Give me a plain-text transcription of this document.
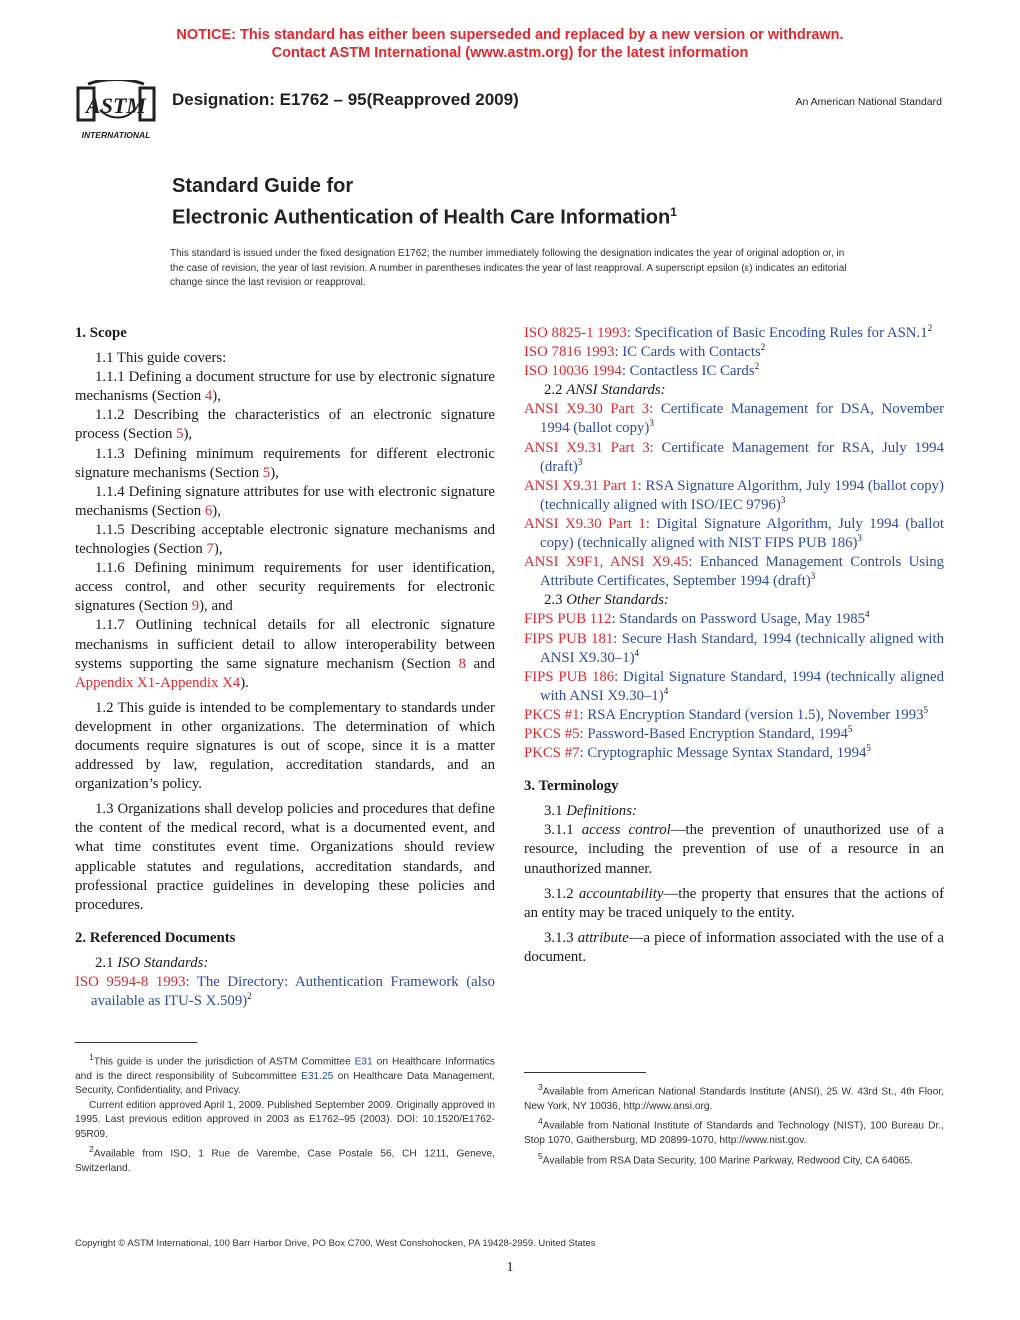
NOTICE: This standard has either been superseded and replaced by a new version or withdrawn.
Contact ASTM International (www.astm.org) for the latest information
ASTM
INTERNATIONAL
Designation: E1762 – 95(Reapproved 2009)	An American National Standard
Standard Guide for
Electronic Authentication of Health Care Information$^1$
This standard is issued under the fixed designation E1762; the number immediately following the designation indicates the year of original adoption or, in the case of revision, the year of last revision. A number in parentheses indicates the year of last reapproval. A superscript epsilon (ε) indicates an editorial change since the last revision or reapproval.

1. Scope

1.1 This guide covers:

1.1.1 Defining a document structure for use by electronic signature mechanisms (Section 4),

1.1.2 Describing the characteristics of an electronic signature process (Section 5),

1.1.3 Defining minimum requirements for different electronic signature mechanisms (Section 5),

1.1.4 Defining signature attributes for use with electronic signature mechanisms (Section 6),

1.1.5 Describing acceptable electronic signature mechanisms and technologies (Section 7),

1.1.6 Defining minimum requirements for user identification, access control, and other security requirements for electronic signatures (Section 9), and

1.1.7 Outlining technical details for all electronic signature mechanisms in sufficient detail to allow interoperability between systems supporting the same signature mechanism (Section 8 and Appendix X1-Appendix X4).

1.2 This guide is intended to be complementary to standards under development in other organizations. The determination of which documents require signatures is out of scope, since it is a matter addressed by law, regulation, accreditation standards, and an organization’s policy.

1.3 Organizations shall develop policies and procedures that define the content of the medical record, what is a documented event, and what time constitutes event time. Organizations should review applicable statutes and regulations, accreditation standards, and professional practice guidelines in developing these policies and procedures.

2. Referenced Documents

2.1 ISO Standards:

ISO 9594-8 1993: The Directory: Authentication Framework (also available as ITU-S X.509)$^2$

$^1$This guide is under the jurisdiction of ASTM Committee E31 on Healthcare Informatics and is the direct responsibility of Subcommittee E31.25 on Healthcare Data Management, Security, Confidentiality, and Privacy.

Current edition approved April 1, 2009. Published September 2009. Originally approved in 1995. Last previous edition approved in 2003 as E1762–95 (2003). DOI: 10.1520/E1762-95R09.

$^2$Available from ISO, 1 Rue de Varembe, Case Postale 56, CH 1211, Geneve, Switzerland.

ISO 8825-1 1993: Specification of Basic Encoding Rules for $ASN.1^2$

ISO 7816 1993: IC Cards with Contacts$^2$

ISO 10036 1994: Contactless IC Cards$^2$

2.2 ANSI Standards:

ANSI X9.30 Part 3: Certificate Management for DSA, November 1994 (ballot copy)$^3$

ANSI X9.31 Part 3: Certificate Management for RSA, July 1994 (draft)$^3$

ANSI X9.31 Part 1: RSA Signature Algorithm, July 1994 (ballot copy) (technically aligned with ISO/IEC 9796)$^3$

ANSI X9.30 Part 1: Digital Signature Algorithm, July 1994 (ballot copy) (technically aligned with NIST FIPS PUB 186)$^3$

ANSI X9F1, ANSI X9.45: Enhanced Management Controls Using Attribute Certificates, September 1994 (draft)$^3$

2.3 Other Standards:

FIPS PUB 112: Standards on Password Usage, May 1985$^4$

FIPS PUB 181: Secure Hash Standard, 1994 (technically aligned with ANSI X9.30–1)$^4$

FIPS PUB 186: Digital Signature Standard, 1994 (technically aligned with ANSI X9.30–1)$^4$

PKCS #1: RSA Encryption Standard (version 1.5), November 1993$^5$

PKCS #5: Password-Based Encryption Standard, 1994$^5$

PKCS #7: Cryptographic Message Syntax Standard, 1994$^5$

3. Terminology

3.1 Definitions:

3.1.1 access control—the prevention of unauthorized use of a resource, including the prevention of use of a resource in an unauthorized manner.

3.1.2 accountability—the property that ensures that the actions of an entity may be traced uniquely to the entity.

3.1.3 attribute—a piece of information associated with the use of a document.

$^3$Available from American National Standards Institute (ANSI), 25 W. 43rd St., 4th Floor, New York, NY 10036, http://www.ansi.org.

$^4$Available from National Institute of Standards and Technology (NIST), 100 Bureau Dr., Stop 1070, Gaithersburg, MD 20899-1070, http://www.nist.gov.

$^5$Available from RSA Data Security, 100 Marine Parkway, Redwood City, CA 64065.

Copyright © ASTM International, 100 Barr Harbor Drive, PO Box C700, West Conshohocken, PA 19428-2959. United States
1
